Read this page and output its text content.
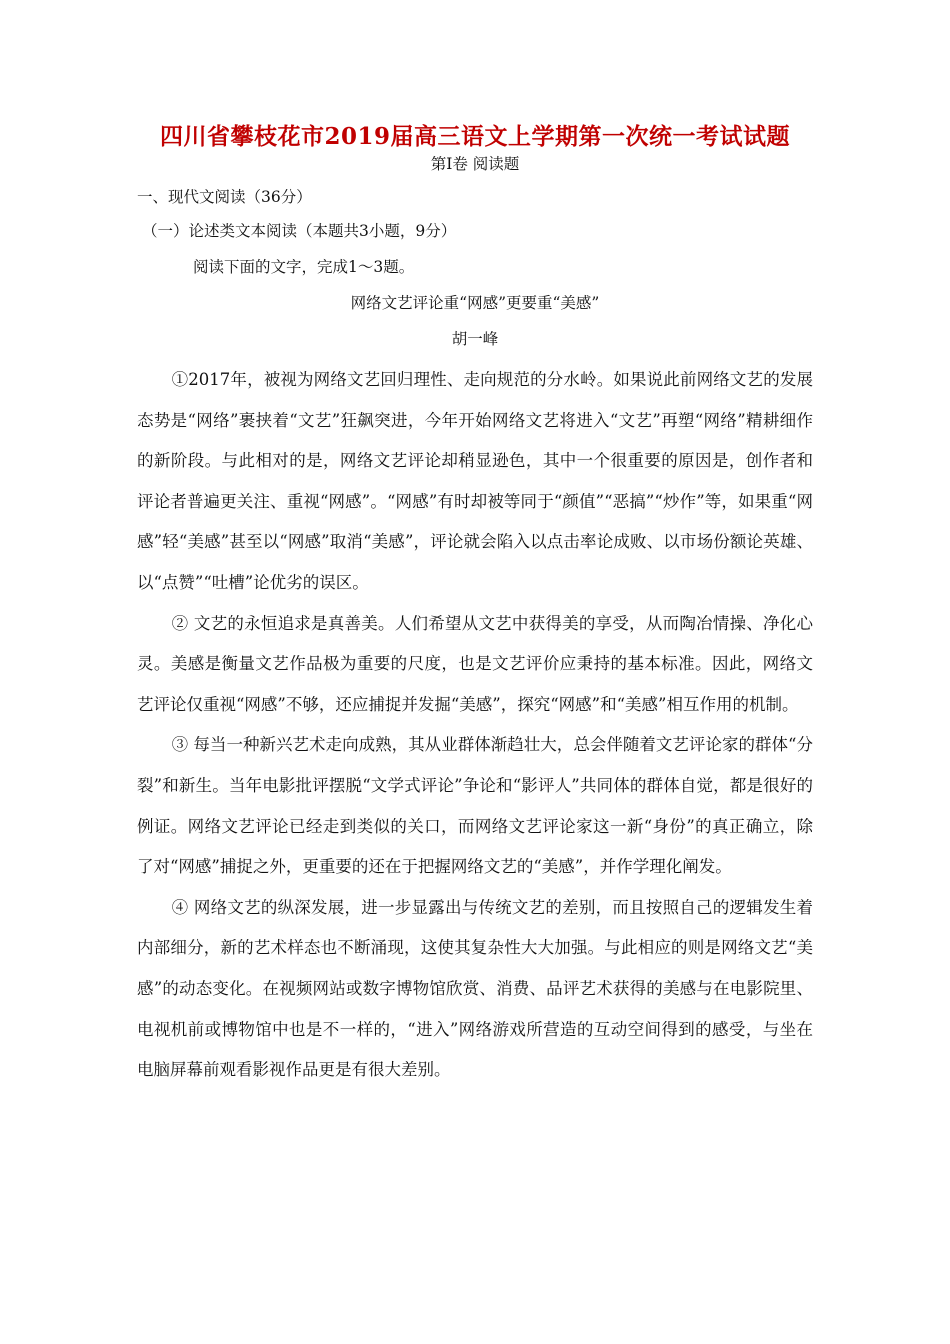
四川省攀枝花市2019届高三语文上学期第一次统一考试试题
第Ⅰ卷 阅读题
一、现代文阅读（36分）
（一）论述类文本阅读（本题共3小题，9分）
阅读下面的文字，完成1～3题。
网络文艺评论重“网感”更要重“美感”
胡一峰

①2017年，被视为网络文艺回归理性、走向规范的分水岭。如果说此前网络文艺的发展态势是“网络”裹挟着“文艺”狂飙突进，今年开始网络文艺将进入“文艺”再塑“网络”精耕细作的新阶段。与此相对的是，网络文艺评论却稍显逊色，其中一个很重要的原因是，创作者和评论者普遍更关注、重视“网感”。“网感”有时却被等同于“颜值”“恶搞”“炒作”等，如果重“网感”轻“美感”甚至以“网感”取消“美感”，评论就会陷入以点击率论成败、以市场份额论英雄、以“点赞”“吐槽”论优劣的误区。

② 文艺的永恒追求是真善美。人们希望从文艺中获得美的享受，从而陶冶情操、净化心灵。美感是衡量文艺作品极为重要的尺度，也是文艺评价应秉持的基本标准。因此，网络文艺评论仅重视“网感”不够，还应捕捉并发掘“美感”，探究“网感”和“美感”相互作用的机制。

③ 每当一种新兴艺术走向成熟，其从业群体渐趋壮大，总会伴随着文艺评论家的群体“分裂”和新生。当年电影批评摆脱“文学式评论”争论和“影评人”共同体的群体自觉，都是很好的例证。网络文艺评论已经走到类似的关口，而网络文艺评论家这一新“身份”的真正确立，除了对“网感”捕捉之外，更重要的还在于把握网络文艺的“美感”，并作学理化阐发。

④ 网络文艺的纵深发展，进一步显露出与传统文艺的差别，而且按照自己的逻辑发生着内部细分，新的艺术样态也不断涌现，这使其复杂性大大加强。与此相应的则是网络文艺“美感”的动态变化。在视频网站或数字博物馆欣赏、消费、品评艺术获得的美感与在电影院里、电视机前或博物馆中也是不一样的，“进入”网络游戏所营造的互动空间得到的感受，与坐在电脑屏幕前观看影视作品更是有很大差别。
